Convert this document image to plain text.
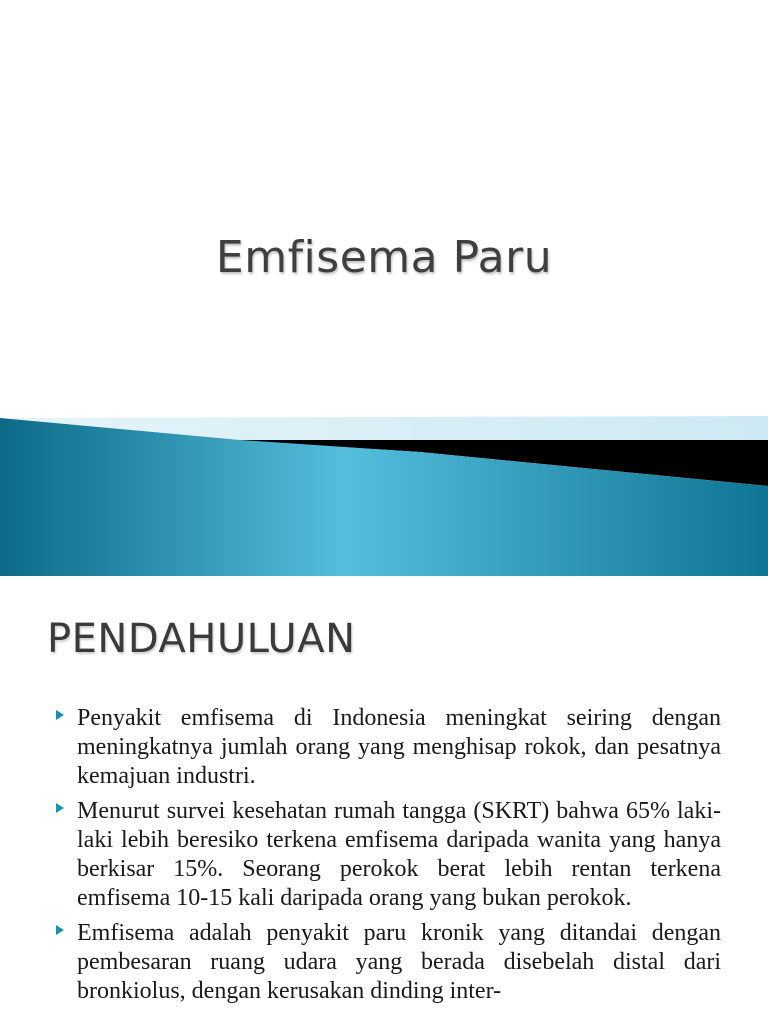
Emfisema Paru
PENDAHULUAN
Penyakit emfisema di Indonesia meningkat seiring dengan meningkatnya jumlah orang yang menghisap rokok, dan pesatnya kemajuan industri.
Menurut survei kesehatan rumah tangga (SKRT) bahwa 65% laki-laki lebih beresiko terkena emfisema daripada wanita yang hanya berkisar 15%. Seorang perokok berat lebih rentan terkena emfisema 10-15 kali daripada orang yang bukan perokok.
Emfisema adalah penyakit paru kronik yang ditandai dengan pembesaran ruang udara yang berada disebelah distal dari bronkiolus, dengan kerusakan dinding inter-
